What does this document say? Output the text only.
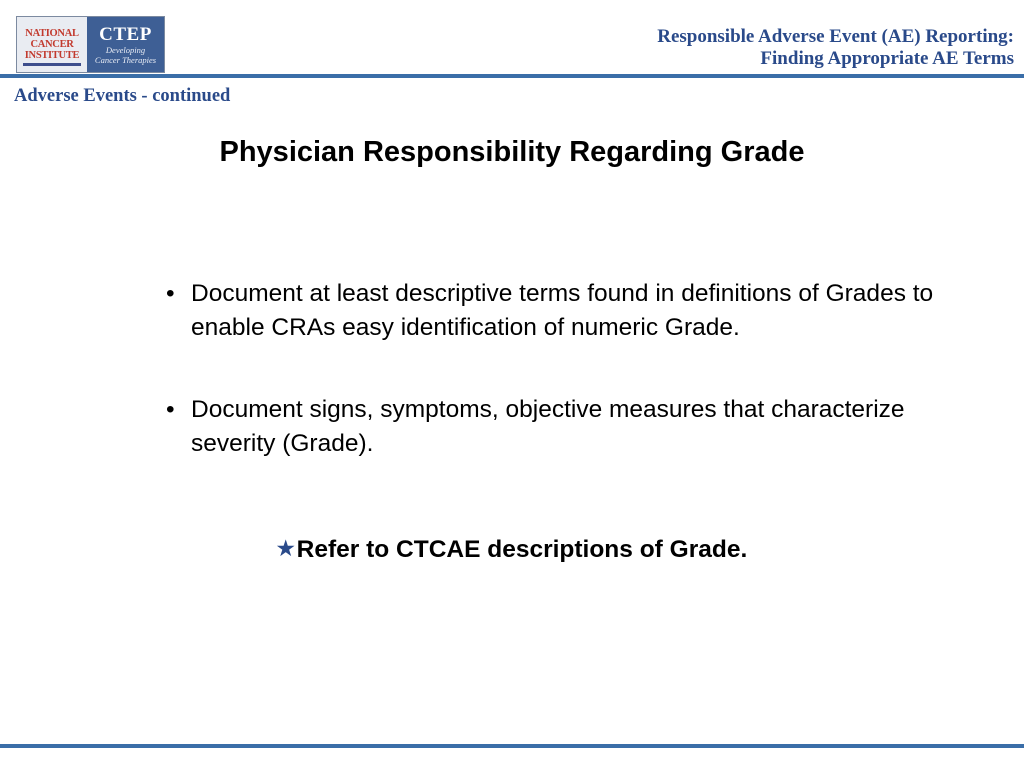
NATIONAL
CANCER
INSTITUTE
CTEP
Developing
Cancer Therapies
Responsible Adverse Event (AE) Reporting:
Finding Appropriate AE Terms
Adverse Events - continued
Physician Responsibility Regarding Grade
• Document at least descriptive terms found in definitions of Grades to enable CRAs easy identification of numeric Grade.
• Document signs, symptoms, objective measures that characterize severity (Grade).
★Refer to CTCAE descriptions of Grade.
